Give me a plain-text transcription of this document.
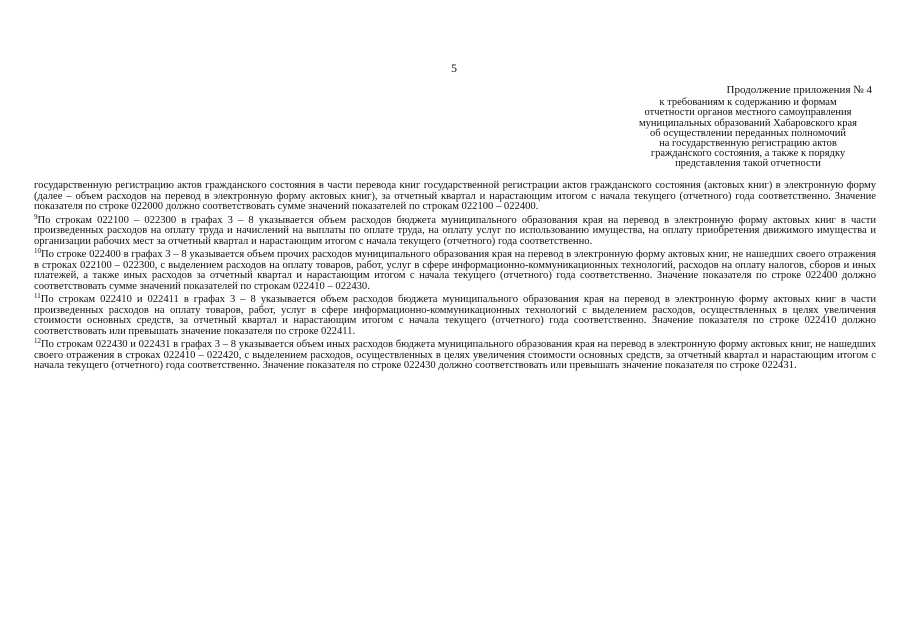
5
Продолжение приложения № 4
к требованиям к содержанию и формам
отчетности органов местного самоуправления
муниципальных образований Хабаровского края
об осуществлении переданных полномочий
на государственную регистрацию актов
гражданского состояния, а также к порядку
представления такой отчетности

государственную регистрацию актов гражданского состояния в части перевода книг государственной регистрации актов гражданского состояния (актовых книг) в электронную форму (далее – объем расходов на перевод в электронную форму актовых книг), за отчетный квартал и нарастающим итогом с начала текущего (отчетного) года соответственно. Значение показателя по строке 022000 должно соответствовать сумме значений показателей по строкам 022100 – 022400.

$^9$По строкам 022100 – 022300 в графах 3 – 8 указывается объем расходов бюджета муниципального образования края на перевод в электронную форму актовых книг в части произведенных расходов на оплату труда и начислений на выплаты по оплате труда, на оплату услуг по использованию имущества, на оплату приобретения движимого имущества и организации рабочих мест за отчетный квартал и нарастающим итогом с начала текущего (отчетного) года соответственно.

$^{10}$По строке 022400 в графах 3 – 8 указывается объем прочих расходов муниципального образования края на перевод в электронную форму актовых книг, не нашедших своего отражения в строках 022100 – 022300, с выделением расходов на оплату товаров, работ, услуг в сфере информационно-коммуникационных технологий, расходов на оплату налогов, сборов и иных платежей, а также иных расходов за отчетный квартал и нарастающим итогом с начала текущего (отчетного) года соответственно. Значение показателя по строке 022400 должно соответствовать сумме значений показателей по строкам 022410 – 022430.

$^{11}$По строкам 022410 и 022411 в графах 3 – 8 указывается объем расходов бюджета муниципального образования края на перевод в электронную форму актовых книг в части произведенных расходов на оплату товаров, работ, услуг в сфере информационно-коммуникационных технологий с выделением расходов, осуществленных в целях увеличения стоимости основных средств, за отчетный квартал и нарастающим итогом с начала текущего (отчетного) года соответственно. Значение показателя по строке 022410 должно соответствовать или превышать значение показателя по строке 022411.

$^{12}$По строкам 022430 и 022431 в графах 3 – 8 указывается объем иных расходов бюджета муниципального образования края на перевод в электронную форму актовых книг, не нашедших своего отражения в строках 022410 – 022420, с выделением расходов, осуществленных в целях увеличения стоимости основных средств, за отчетный квартал и нарастающим итогом с начала текущего (отчетного) года соответственно. Значение показателя по строке 022430 должно соответствовать или превышать значение показателя по строке 022431.
